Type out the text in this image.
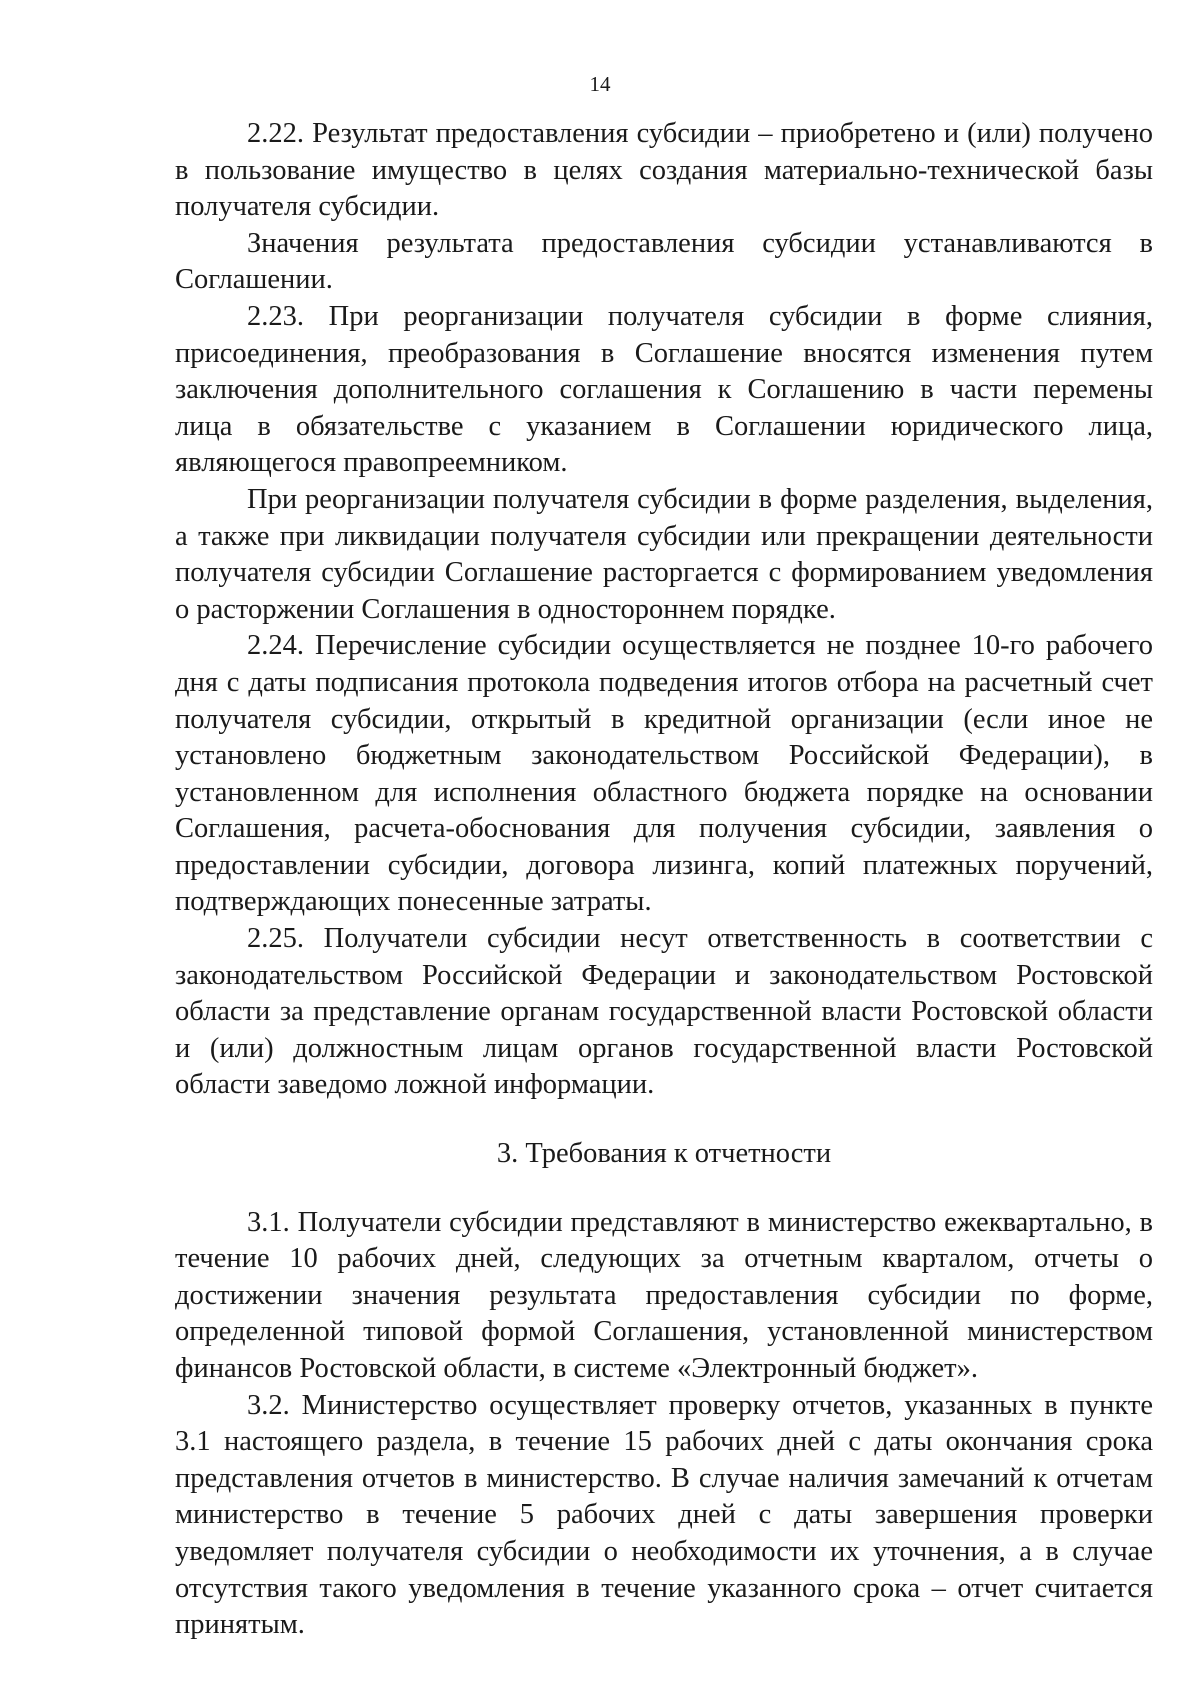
14

2.22. Результат предоставления субсидии – приобретено и (или) получено в пользование имущество в целях создания материально-технической базы получателя субсидии.

Значения результата предоставления субсидии устанавливаются в Соглашении.

2.23. При реорганизации получателя субсидии в форме слияния, присоединения, преобразования в Соглашение вносятся изменения путем заключения дополнительного соглашения к Соглашению в части перемены лица в обязательстве с указанием в Соглашении юридического лица, являющегося правопреемником.

При реорганизации получателя субсидии в форме разделения, выделения, а также при ликвидации получателя субсидии или прекращении деятельности получателя субсидии Соглашение расторгается с формированием уведомления о расторжении Соглашения в одностороннем порядке.

2.24. Перечисление субсидии осуществляется не позднее 10-го рабочего дня с даты подписания протокола подведения итогов отбора на расчетный счет получателя субсидии, открытый в кредитной организации (если иное не установлено бюджетным законодательством Российской Федерации), в установленном для исполнения областного бюджета порядке на основании Соглашения, расчета-обоснования для получения субсидии, заявления о предоставлении субсидии, договора лизинга, копий платежных поручений, подтверждающих понесенные затраты.

2.25. Получатели субсидии несут ответственность в соответствии с законодательством Российской Федерации и законодательством Ростовской области за представление органам государственной власти Ростовской области и (или) должностным лицам органов государственной власти Ростовской области заведомо ложной информации.

3. Требования к отчетности

3.1. Получатели субсидии представляют в министерство ежеквартально, в течение 10 рабочих дней, следующих за отчетным кварталом, отчеты о достижении значения результата предоставления субсидии по форме, определенной типовой формой Соглашения, установленной министерством финансов Ростовской области, в системе «Электронный бюджет».

3.2. Министерство осуществляет проверку отчетов, указанных в пункте 3.1 настоящего раздела, в течение 15 рабочих дней с даты окончания срока представления отчетов в министерство. В случае наличия замечаний к отчетам министерство в течение 5 рабочих дней с даты завершения проверки уведомляет получателя субсидии о необходимости их уточнения, а в случае отсутствия такого уведомления в течение указанного срока – отчет считается принятым.
